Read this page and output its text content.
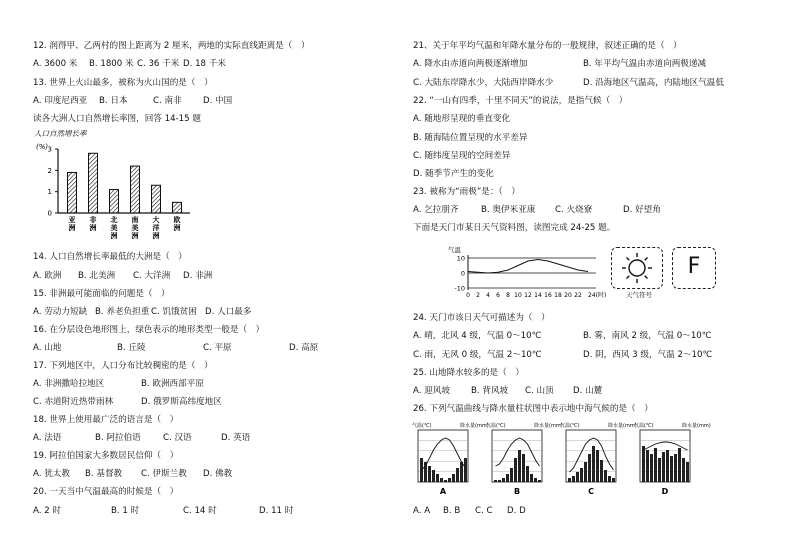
12. 润得甲、乙两村的图上距离为 2 厘米，两地的实际直线距离是（　）
A. 3600 米 B. 1800 米 C. 36 千米 D. 18 千米
13. 世界上火山最多，被称为火山国的是（　）
A. 印度尼西亚 B. 日本	C. 南非 D. 中国
读各大洲人口自然增长率图，回答 14-15 题
人口自然增长率
(%)
0
1
2
3
亚洲
非洲
北美洲
南美洲
大洋洲
欧洲
14. 人口自然增长率最低的大洲是（　）
A. 欧洲 B. 北美洲 C. 大洋洲 D. 非洲
15. 非洲最可能面临的问题是（　）
A. 劳动力短缺 B. 养老负担重 C. 饥饿贫困 D. 人口最多
16. 在分层设色地形图上，绿色表示的地形类型一般是（　）
A. 山地	B. 丘陵	C. 平原	D. 高原
17. 下列地区中，人口分布比较稠密的是（　）
A. 非洲撒哈拉地区	B. 欧洲西部平原
C. 赤道附近热带雨林	D. 俄罗斯高纬度地区
18. 世界上使用最广泛的语言是（　）
A. 法语	B. 阿拉伯语	C. 汉语	D. 英语
19. 阿拉伯国家大多数居民信仰（　）
A. 犹太教 B. 基督教 C. 伊斯兰教 D. 佛教
20. 一天当中气温最高的时候是（　）
A. 2 时	B. 1 时	C. 14 时	D. 11 时
21、关于年平均气温和年降水量分布的一般规律，叙述正确的是（　）
A. 降水由赤道向两极逐渐增加	B. 年平均气温由赤道向两极递减
C. 大陆东岸降水少，大陆西岸降水少	D. 沿海地区气温高，内陆地区气温低
22. “一山有四季，十里不同天”的说法，是指气候（　）
A. 随地形呈现的垂直变化
B. 随海陆位置呈现的水平差异
C. 随纬度呈现的空间差异
D. 随季节产生的变化
23. 被称为“雨极”是：（　）
A. 乞拉朋齐	B. 奥伊米亚康 C. 火烧寮	D. 好望角
下面是天门市某日天气资料图，读图完成 24-25 题。
气温
10
0
-10
0 2 4 6 8 10 12 14 16 18 20 22 24(时)
F
天气符号
24. 天门市该日天气可描述为（　）
A. 晴，北风 4 级，气温 0～10℃	B. 雾，南风 2 级，气温 0～10℃
C. 雨，无风 0 级，气温 2～10℃	D. 阴，西风 3 级，气温 2～10℃
25. 山地降水较多的是（　）
A. 迎风坡 B. 背风坡 C. 山顶 D. 山麓
26. 下列气温曲线与降水量柱状图中表示地中海气候的是（　）
气温(℃)	降水量(mm)
A
气温(℃)	降水量(mm)
B
气温(℃)	降水量(mm)
C
气温(℃)	降水量(mm)
D
A. A B. B C. C D. D
